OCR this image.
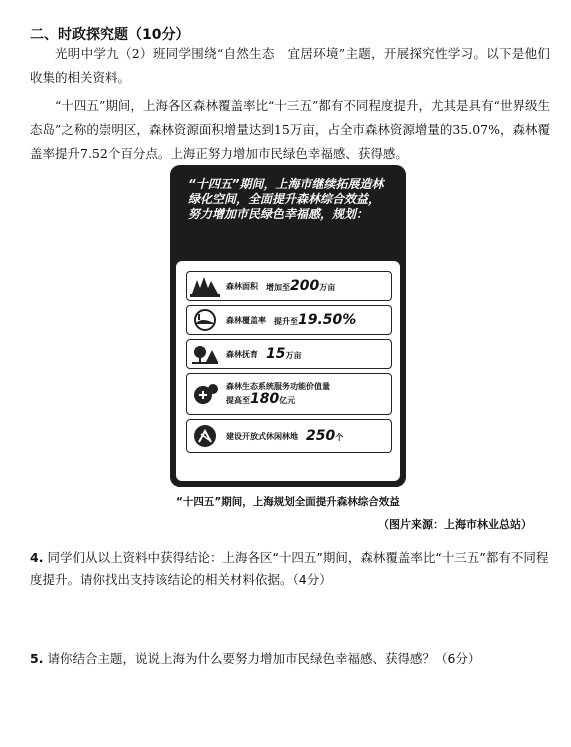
二、时政探究题（10分）
光明中学九（2）班同学围绕“自然生态　宜居环境”主题，开展探究性学习。以下是他们收集的相关资料。
“十四五”期间，上海各区森林覆盖率比“十三五”都有不同程度提升，尤其是具有“世界级生态岛”之称的崇明区，森林资源面积增量达到15万亩，占全市森林资源增量的35.07%，森林覆盖率提升7.52个百分点。上海正努力增加市民绿色幸福感、获得感。
“十四五”期间，上海市继续拓展造林绿化空间，全面提升森林综合效益，努力增加市民绿色幸福感，规划：
森林面积 增加至200万亩
森林覆盖率 提升至19.50%
森林抚育 15万亩
森林生态系统服务功能价值量
提高至180亿元
建设开放式休闲林地 250个
“十四五”期间，上海规划全面提升森林综合效益
（图片来源：上海市林业总站）
4. 同学们从以上资料中获得结论：上海各区“十四五”期间，森林覆盖率比“十三五”都有不同程度提升。请你找出支持该结论的相关材料依据。（4分）
5. 请你结合主题，说说上海为什么要努力增加市民绿色幸福感、获得感？（6分）
